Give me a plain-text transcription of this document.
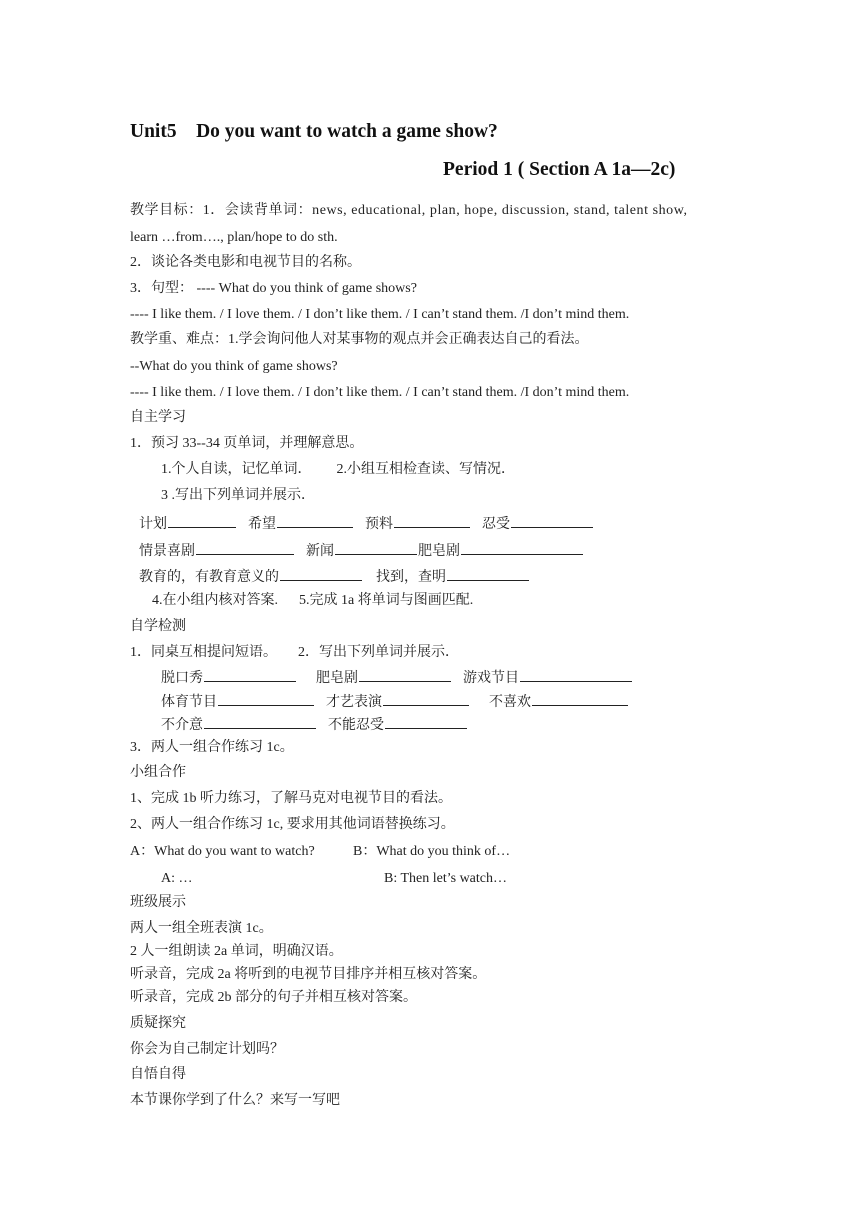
Unit5　Do you want to watch a game show?
Period 1 ( Section A 1a—2c)
教学目标：1．会读背单词：news, educational, plan, hope, discussion, stand, talent show,
learn …from…., plan/hope to do sth.
2．谈论各类电影和电视节目的名称。
3．句型： ---- What do you think of game shows?
---- I like them. / I love them. / I don’t like them. / I can’t stand them. /I don’t mind them.
教学重、难点：1.学会询问他人对某事物的观点并会正确表达自己的看法。
--What do you think of game shows?
---- I like them. / I love them. / I don’t like them. / I can’t stand them. /I don’t mind them.
自主学习
1．预习 33--34 页单词，并理解意思。
1.个人自读，记忆单词． 2.小组互相检查读、写情况．
3 .写出下列单词并展示．
计划	希望	预料	忍受
情景喜剧	新闻	肥皂剧
教育的，有教育意义的	找到，查明
4.在小组内核对答案. 5.完成 1a 将单词与图画匹配.
自学检测
1．同桌互相提问短语。 2．写出下列单词并展示．
脱口秀	肥皂剧	游戏节目
体育节目	才艺表演	不喜欢
不介意	不能忍受
3．两人一组合作练习 1c。
小组合作
1、完成 1b 听力练习，了解马克对电视节目的看法。
2、两人一组合作练习 1c, 要求用其他词语替换练习。
A：What do you want to watch?	B：What do you think of…
A: …	B: Then let’s watch…
班级展示
两人一组全班表演 1c。
2 人一组朗读 2a 单词，明确汉语。
听录音，完成 2a 将听到的电视节目排序并相互核对答案。
听录音，完成 2b 部分的句子并相互核对答案。
质疑探究
你会为自己制定计划吗？
自悟自得
本节课你学到了什么？来写一写吧
